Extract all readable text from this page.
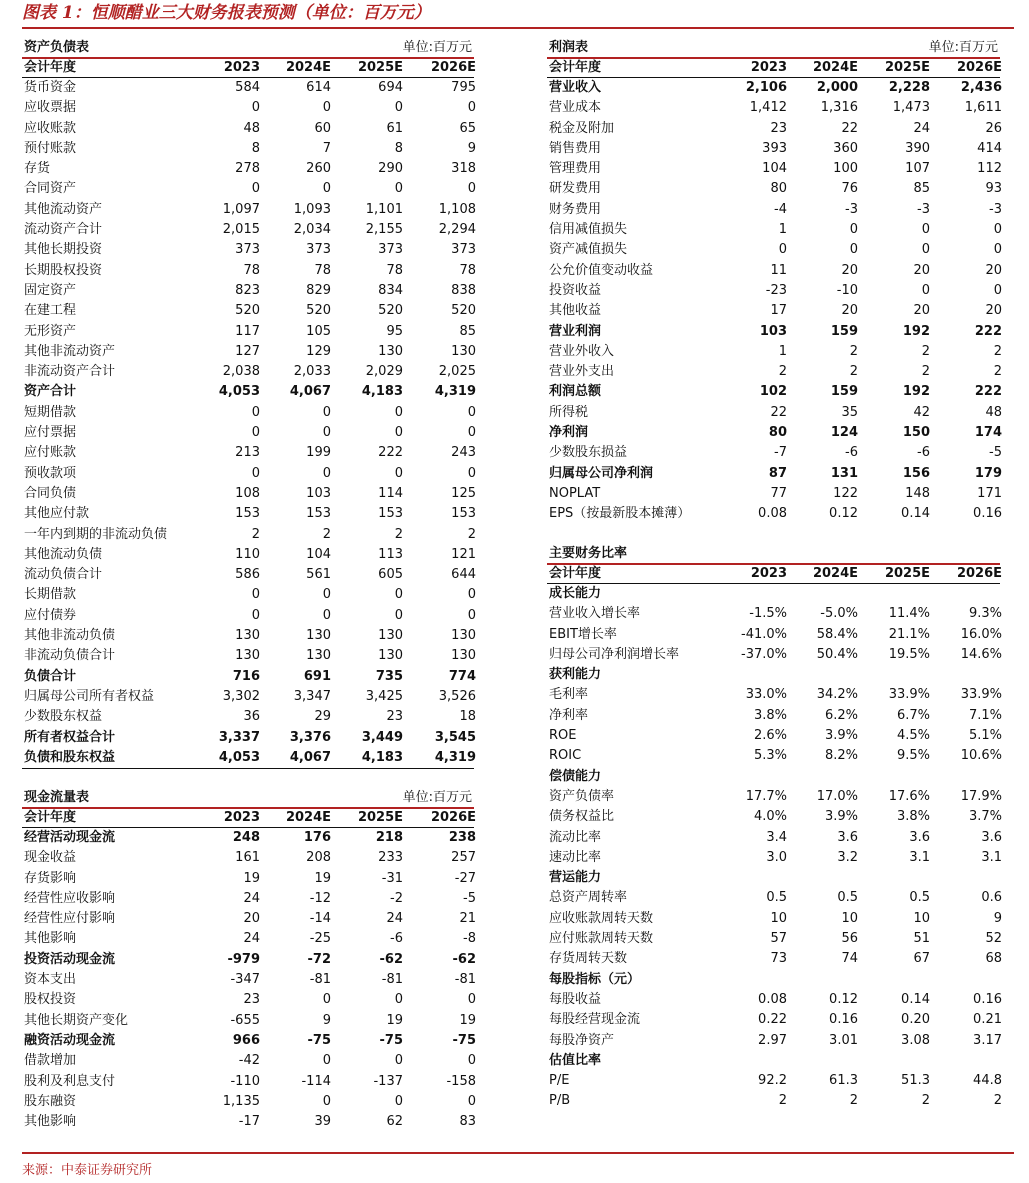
图表 1：恒顺醋业三大财务报表预测（单位：百万元）
资产负债表	单位:百万元
会计年度	2023	2024E	2025E	2026E
货币资金	584	614	694	795
应收票据	0	0	0	0
应收账款	48	60	61	65
预付账款	8	7	8	9
存货	278	260	290	318
合同资产	0	0	0	0
其他流动资产	1,097	1,093	1,101	1,108
流动资产合计	2,015	2,034	2,155	2,294
其他长期投资	373	373	373	373
长期股权投资	78	78	78	78
固定资产	823	829	834	838
在建工程	520	520	520	520
无形资产	117	105	95	85
其他非流动资产	127	129	130	130
非流动资产合计	2,038	2,033	2,029	2,025
资产合计	4,053	4,067	4,183	4,319
短期借款	0	0	0	0
应付票据	0	0	0	0
应付账款	213	199	222	243
预收款项	0	0	0	0
合同负债	108	103	114	125
其他应付款	153	153	153	153
一年内到期的非流动负债	2	2	2	2
其他流动负债	110	104	113	121
流动负债合计	586	561	605	644
长期借款	0	0	0	0
应付债券	0	0	0	0
其他非流动负债	130	130	130	130
非流动负债合计	130	130	130	130
负债合计	716	691	735	774
归属母公司所有者权益	3,302	3,347	3,425	3,526
少数股东权益	36	29	23	18
所有者权益合计	3,337	3,376	3,449	3,545
负债和股东权益	4,053	4,067	4,183	4,319
现金流量表	单位:百万元
会计年度	2023	2024E	2025E	2026E
经营活动现金流	248	176	218	238
现金收益	161	208	233	257
存货影响	19	19	-31	-27
经营性应收影响	24	-12	-2	-5
经营性应付影响	20	-14	24	21
其他影响	24	-25	-6	-8
投资活动现金流	-979	-72	-62	-62
资本支出	-347	-81	-81	-81
股权投资	23	0	0	0
其他长期资产变化	-655	9	19	19
融资活动现金流	966	-75	-75	-75
借款增加	-42	0	0	0
股利及利息支付	-110	-114	-137	-158
股东融资	1,135	0	0	0
其他影响	-17	39	62	83
利润表	单位:百万元
会计年度	2023	2024E	2025E	2026E
营业收入	2,106	2,000	2,228	2,436
营业成本	1,412	1,316	1,473	1,611
税金及附加	23	22	24	26
销售费用	393	360	390	414
管理费用	104	100	107	112
研发费用	80	76	85	93
财务费用	-4	-3	-3	-3
信用减值损失	1	0	0	0
资产减值损失	0	0	0	0
公允价值变动收益	11	20	20	20
投资收益	-23	-10	0	0
其他收益	17	20	20	20
营业利润	103	159	192	222
营业外收入	1	2	2	2
营业外支出	2	2	2	2
利润总额	102	159	192	222
所得税	22	35	42	48
净利润	80	124	150	174
少数股东损益	-7	-6	-6	-5
归属母公司净利润	87	131	156	179
NOPLAT	77	122	148	171
EPS（按最新股本摊薄）	0.08	0.12	0.14	0.16
主要财务比率
会计年度	2023	2024E	2025E	2026E
成长能力
营业收入增长率	-1.5%	-5.0%	11.4%	9.3%
EBIT增长率	-41.0%	58.4%	21.1%	16.0%
归母公司净利润增长率	-37.0%	50.4%	19.5%	14.6%
获利能力
毛利率	33.0%	34.2%	33.9%	33.9%
净利率	3.8%	6.2%	6.7%	7.1%
ROE	2.6%	3.9%	4.5%	5.1%
ROIC	5.3%	8.2%	9.5%	10.6%
偿债能力
资产负债率	17.7%	17.0%	17.6%	17.9%
债务权益比	4.0%	3.9%	3.8%	3.7%
流动比率	3.4	3.6	3.6	3.6
速动比率	3.0	3.2	3.1	3.1
营运能力
总资产周转率	0.5	0.5	0.5	0.6
应收账款周转天数	10	10	10	9
应付账款周转天数	57	56	51	52
存货周转天数	73	74	67	68
每股指标（元）
每股收益	0.08	0.12	0.14	0.16
每股经营现金流	0.22	0.16	0.20	0.21
每股净资产	2.97	3.01	3.08	3.17
估值比率
P/E	92.2	61.3	51.3	44.8
P/B	2	2	2	2
来源：中泰证券研究所
